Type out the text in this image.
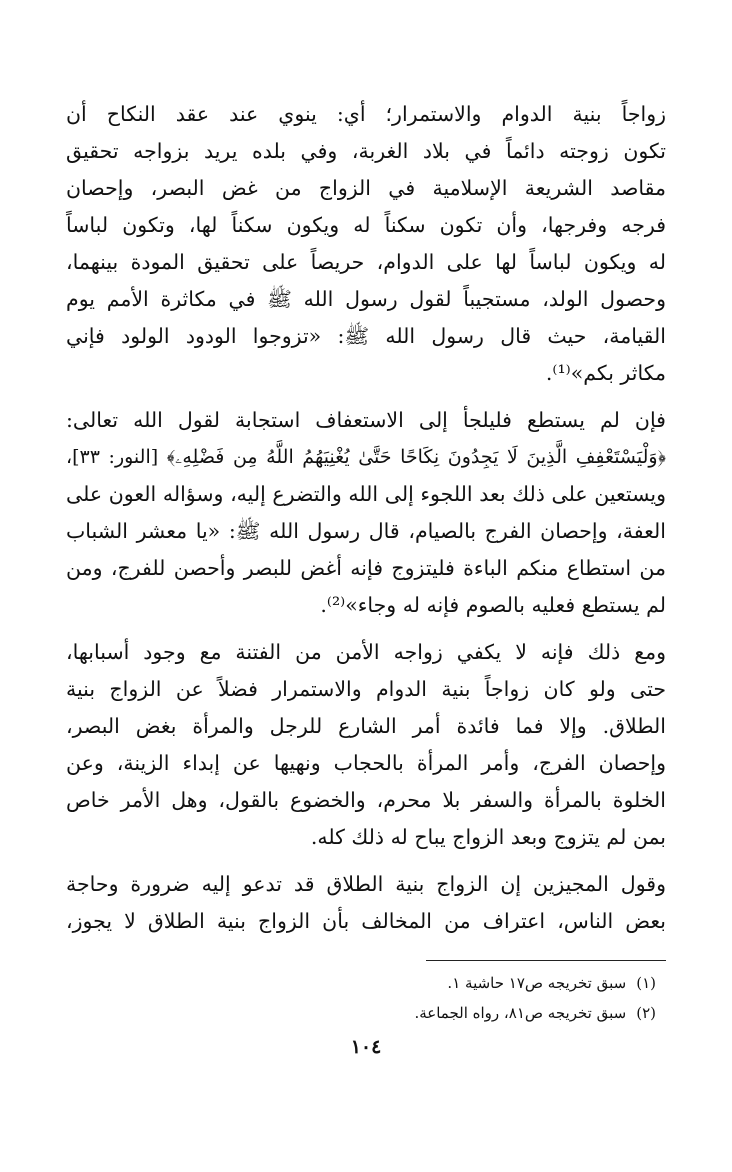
زواجاً بنية الدوام والاستمرار؛ أي: ينوي عند عقد النكاح أن
تكون زوجته دائماً في بلاد الغربة، وفي بلده يريد بزواجه تحقيق
مقاصد الشريعة الإسلامية في الزواج من غض البصر، وإحصان
فرجه وفرجها، وأن تكون سكناً له ويكون سكناً لها، وتكون لباساً
له ويكون لباساً لها على الدوام، حريصاً على تحقيق المودة بينهما،
وحصول الولد، مستجيباً لقول رسول الله ﷺ في مكاثرة الأمم يوم
القيامة، حيث قال رسول الله ﷺ: «تزوجوا الودود الولود فإني
مكاثر بكم»⁽¹⁾.
فإن لم يستطع فليلجأ إلى الاستعفاف استجابة لقول الله تعالى:
﴿وَلْيَسْتَعْفِفِ الَّذِينَ لَا يَجِدُونَ نِكَاحًا حَتَّىٰ يُغْنِيَهُمُ اللَّهُ مِن فَضْلِهِۦ﴾ [النور: ٣٣]،
ويستعين على ذلك بعد اللجوء إلى الله والتضرع إليه، وسؤاله العون على
العفة، وإحصان الفرج بالصيام، قال رسول الله ﷺ: «يا معشر الشباب
من استطاع منكم الباءة فليتزوج فإنه أغض للبصر وأحصن للفرج، ومن
لم يستطع فعليه بالصوم فإنه له وجاء»⁽²⁾.
ومع ذلك فإنه لا يكفي زواجه الأمن من الفتنة مع وجود أسبابها،
حتى ولو كان زواجاً بنية الدوام والاستمرار فضلاً عن الزواج بنية
الطلاق. وإلا فما فائدة أمر الشارع للرجل والمرأة بغض البصر،
وإحصان الفرج، وأمر المرأة بالحجاب ونهيها عن إبداء الزينة، وعن
الخلوة بالمرأة والسفر بلا محرم، والخضوع بالقول، وهل الأمر خاص
بمن لم يتزوج وبعد الزواج يباح له ذلك كله.
وقول المجيزين إن الزواج بنية الطلاق قد تدعو إليه ضرورة وحاجة
بعض الناس، اعتراف من المخالف بأن الزواج بنية الطلاق لا يجوز،
(١)سبق تخريجه ص١٧ حاشية ١.
(٢)سبق تخريجه ص٨١، رواه الجماعة.
١٠٤
